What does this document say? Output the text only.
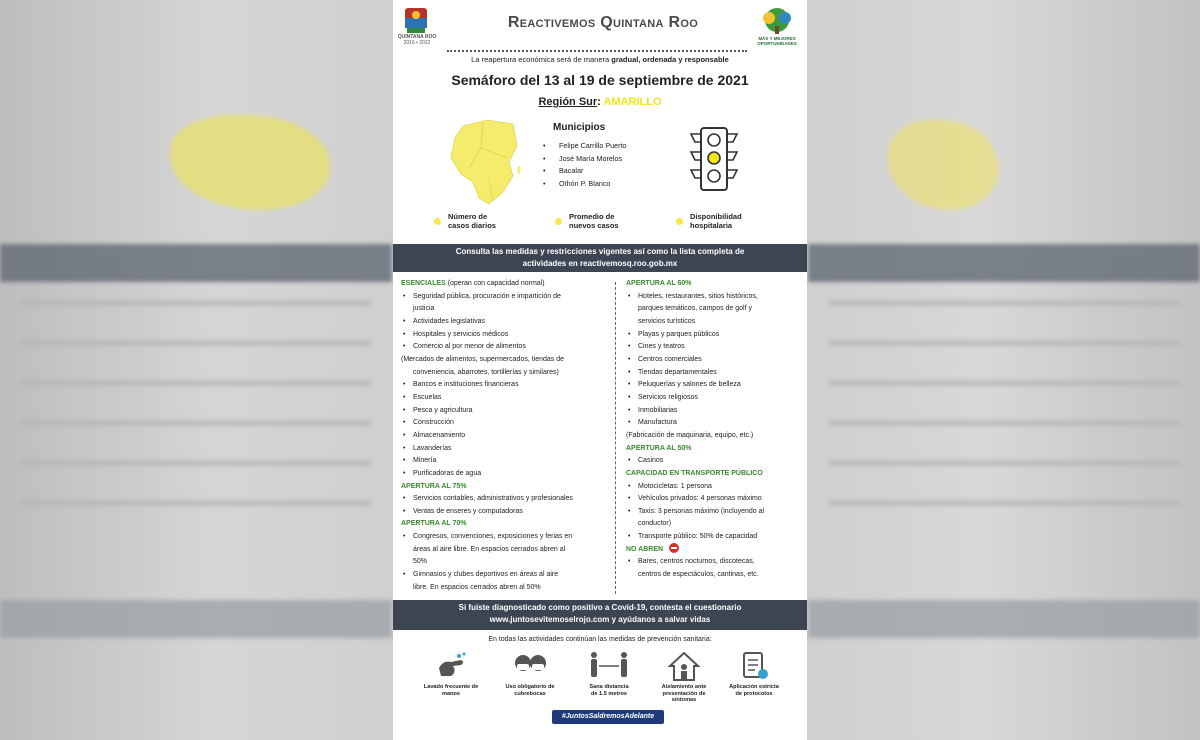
QUINTANA ROO
2016 • 2022
Reactivemos Quintana Roo
MÁS Y MEJORES OPORTUNIDADES
La reapertura económica será de manera gradual, ordenada y responsable
Semáforo del 13 al 19 de septiembre de 2021
Región Sur: AMARILLO
Municipios
• Felipe Carrillo Puerto
• José María Morelos
• Bacalar
• Othón P. Blanco
Número de
casos diarios
Promedio de
nuevos casos
Disponibilidad
hospitalaria
Consulta las medidas y restricciones vigentes así como la lista completa de
actividades en reactivemosq.roo.gob.mx
ESENCIALES (operan con capacidad normal)
• Seguridad pública, procuración e impartición de
justicia
• Actividades legislativas
• Hospitales y servicios médicos
• Comercio al por menor de alimentos
(Mercados de alimentos, supermercados, tiendas de
conveniencia, abarrotes, tortillerías y similares)
• Bancos e instituciones financieras
• Escuelas
• Pesca y agricultura
• Construcción
• Almacenamiento
• Lavanderías
• Minería
• Purificadoras de agua
APERTURA AL 75%
• Servicios contables, administrativos y profesionales
• Ventas de enseres y computadoras
APERTURA AL 70%
• Congresos, convenciones, exposiciones y ferias en
áreas al aire libre. En espacios cerrados abren al
50%
• Gimnasios y clubes deportivos en áreas al aire
libre. En espacios cerrados abren al 50%
APERTURA AL 60%
• Hoteles, restaurantes, sitios históricos,
parques temáticos, campos de golf y
servicios turísticos
• Playas y parques públicos
• Cines y teatros
• Centros comerciales
• Tiendas departamentales
• Peluquerías y salones de belleza
• Servicios religiosos
• Inmobiliarias
• Manufactura
(Fabricación de maquinaria, equipo, etc.)
APERTURA AL 50%
• Casinos
CAPACIDAD EN TRANSPORTE PÚBLICO
• Motocicletas: 1 persona
• Vehículos privados: 4 personas máximo
• Taxis: 3 personas máximo (incluyendo al
conductor)
• Transporte público: 50% de capacidad
NO ABREN
• Bares, centros nocturnos, discotecas,
centros de espectáculos, cantinas, etc.
Si fuiste diagnosticado como positivo a Covid-19, contesta el cuestionario
www.juntosevitemoselrojo.com y ayúdanos a salvar vidas
En todas las actividades continúan las medidas de prevención sanitaria:
Lavado frecuente de
manos
Uso obligatorio de
cubrebocas
Sana distancia
de 1.5 metros
Aislamiento ante
presentación de
síntomas
Aplicación estricta
de protocolos
#JuntosSaldremosAdelante
